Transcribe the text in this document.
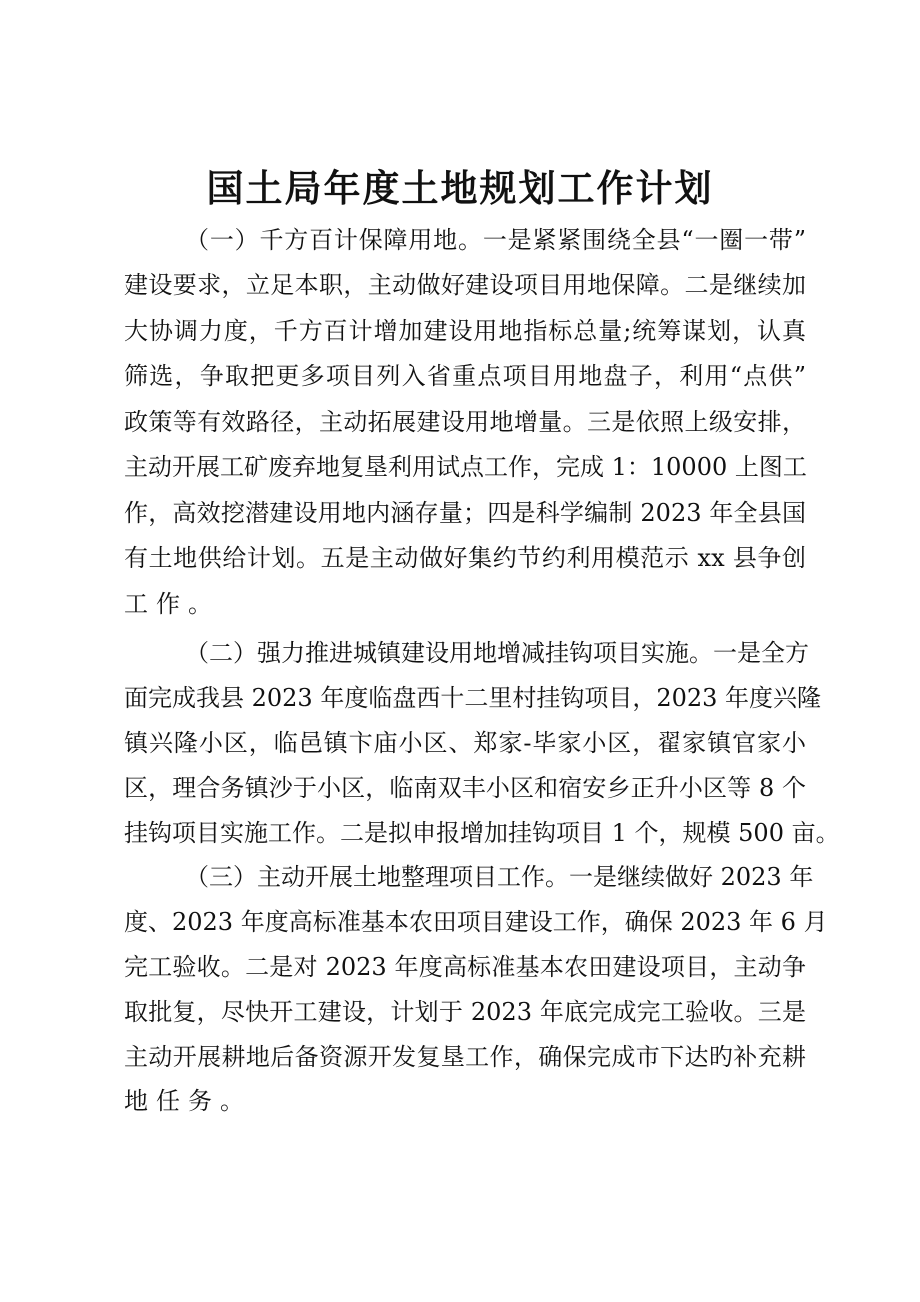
国土局年度土地规划工作计划
（一）千方百计保障用地。一是紧紧围绕全县“一圈一带”
建设要求，立足本职，主动做好建设项目用地保障。二是继续加
大协调力度，千方百计增加建设用地指标总量;统筹谋划，认真
筛选，争取把更多项目列入省重点项目用地盘子，利用“点供”
政策等有效路径，主动拓展建设用地增量。三是依照上级安排，
主动开展工矿废弃地复垦利用试点工作，完成 1：10000 上图工
作，高效挖潜建设用地内涵存量；四是科学编制 2023 年全县国
有土地供给计划。五是主动做好集约节约利用模范示 xx 县争创
工作。
（二）强力推进城镇建设用地增减挂钩项目实施。一是全方
面完成我县 2023 年度临盘西十二里村挂钩项目，2023 年度兴隆
镇兴隆小区，临邑镇卞庙小区、郑家-毕家小区，翟家镇官家小
区，理合务镇沙于小区，临南双丰小区和宿安乡正升小区等 8 个
挂钩项目实施工作。二是拟申报增加挂钩项目 1 个，规模 500 亩。
（三）主动开展土地整理项目工作。一是继续做好 2023 年
度、2023 年度高标准基本农田项目建设工作，确保 2023 年 6 月
完工验收。二是对 2023 年度高标准基本农田建设项目，主动争
取批复，尽快开工建设，计划于 2023 年底完成完工验收。三是
主动开展耕地后备资源开发复垦工作，确保完成市下达旳补充耕
地任务。
